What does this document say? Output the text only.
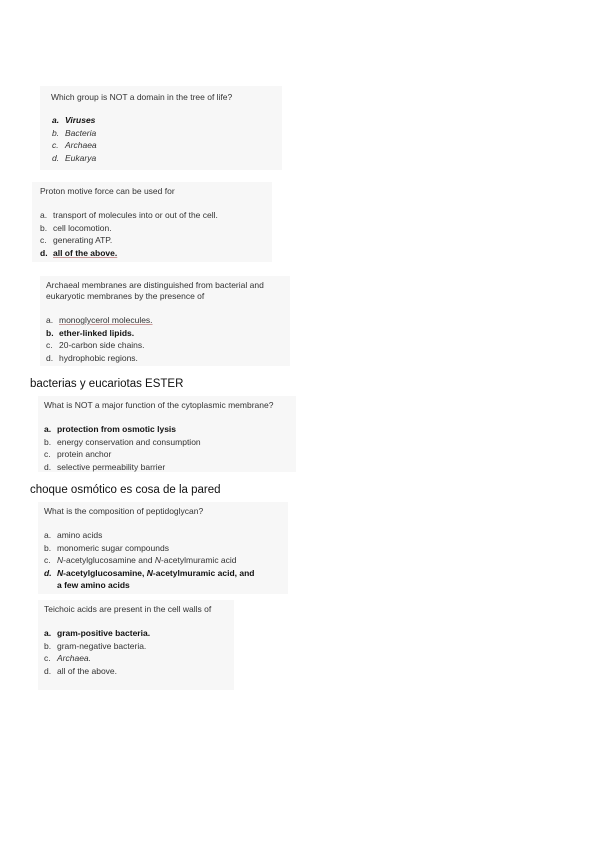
Which group is NOT a domain in the tree of life?
a. Viruses
b. Bacteria
c. Archaea
d. Eukarya
Proton motive force can be used for
a. transport of molecules into or out of the cell.
b. cell locomotion.
c. generating ATP.
d. all of the above.
Archaeal membranes are distinguished from bacterial and
eukaryotic membranes by the presence of
a. monoglycerol molecules.
b. ether-linked lipids.
c. 20-carbon side chains.
d. hydrophobic regions.
bacterias y eucariotas ESTER
What is NOT a major function of the cytoplasmic membrane?
a. protection from osmotic lysis
b. energy conservation and consumption
c. protein anchor
d. selective permeability barrier
choque osmótico es cosa de la pared
What is the composition of peptidoglycan?
a. amino acids
b. monomeric sugar compounds
c. N-acetylglucosamine and N-acetylmuramic acid
d. N-acetylglucosamine, N-acetylmuramic acid, and
a few amino acids
Teichoic acids are present in the cell walls of
a. gram-positive bacteria.
b. gram-negative bacteria.
c. Archaea.
d. all of the above.
